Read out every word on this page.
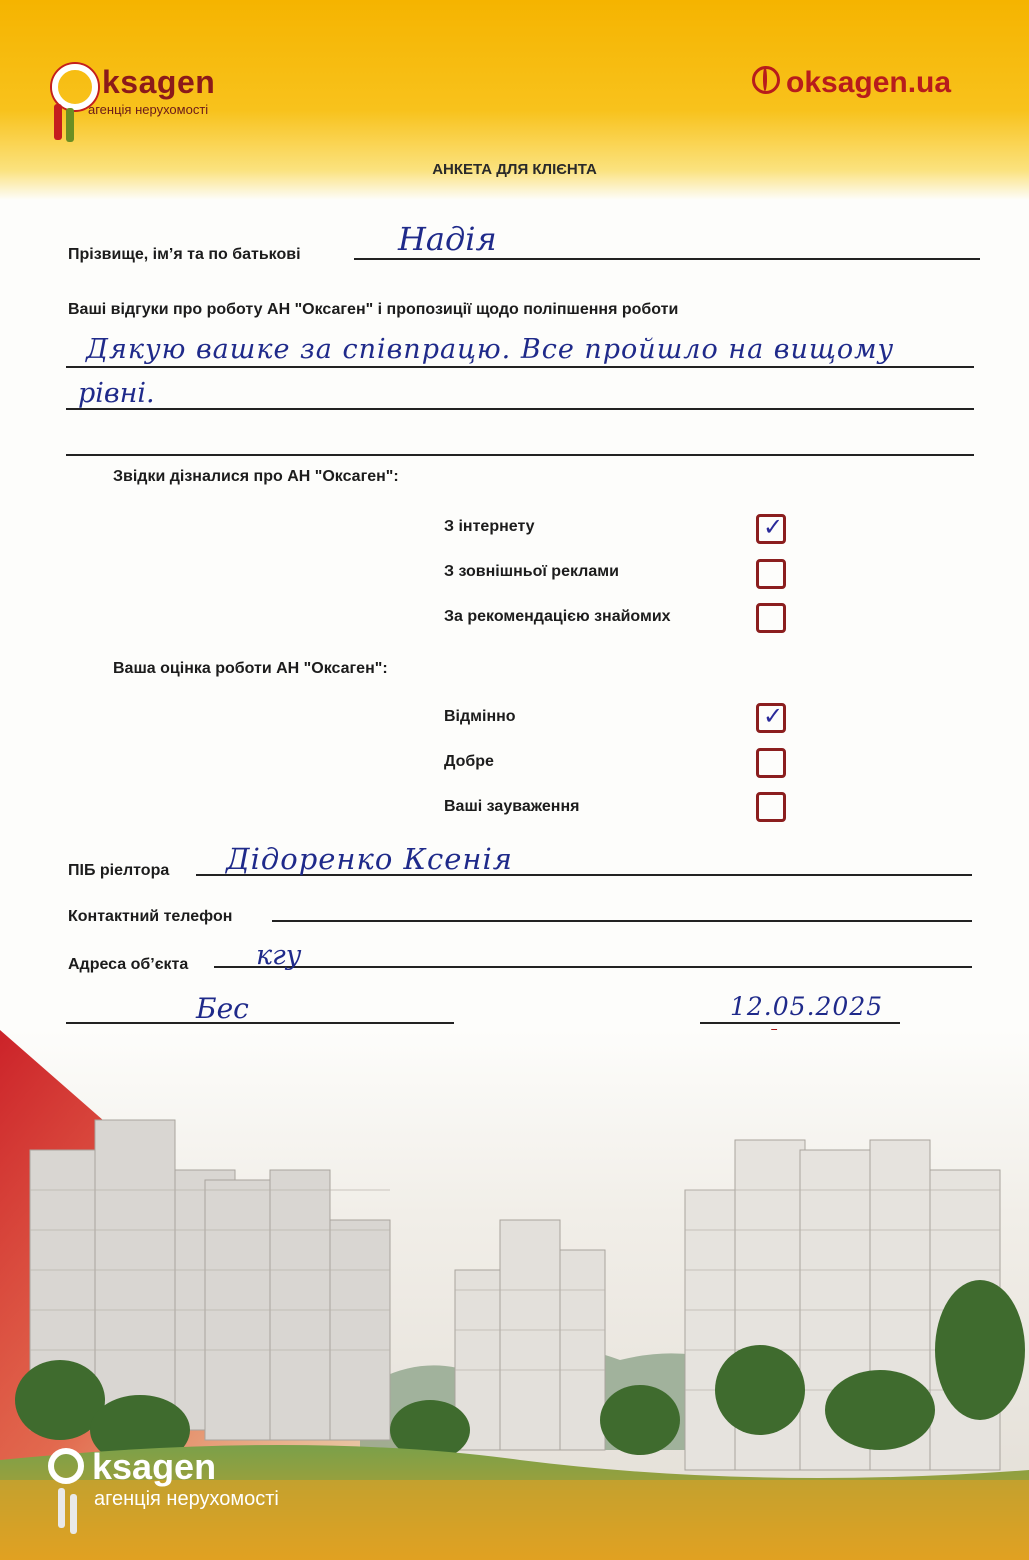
ksagen
агенція нерухомості
oksagen.ua
АНКЕТА ДЛЯ КЛІЄНТА
Прізвище, ім’я та по батькові	Надія
Ваші відгуки про роботу АН "Оксаген" і пропозиції щодо поліпшення роботи
Дякую вашке за співпрацю. Все пройшло на вищому
рівні.
Звідки дізналися про АН "Оксаген":
З інтернету	✓
З зовнішньої реклами
За рекомендацією знайомих
Ваша оцінка роботи АН "Оксаген":
Відмінно	✓
Добре
Ваші зауваження
ПІБ ріелтора Дідоренко Ксенія
Контактний телефон
Адреса об’єкта	кгу
Бес	12.05.2025
ksagen
агенція нерухомості
